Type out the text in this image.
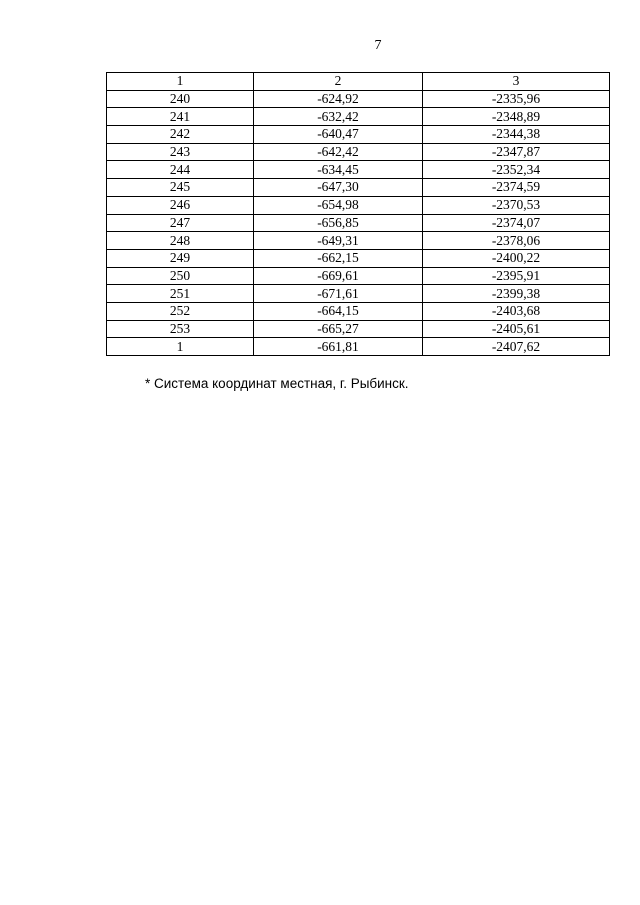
7
1	2	3
240	-624,92	-2335,96
241	-632,42	-2348,89
242	-640,47	-2344,38
243	-642,42	-2347,87
244	-634,45	-2352,34
245	-647,30	-2374,59
246	-654,98	-2370,53
247	-656,85	-2374,07
248	-649,31	-2378,06
249	-662,15	-2400,22
250	-669,61	-2395,91
251	-671,61	-2399,38
252	-664,15	-2403,68
253	-665,27	-2405,61
1	-661,81	-2407,62
* Система координат местная, г. Рыбинск.
